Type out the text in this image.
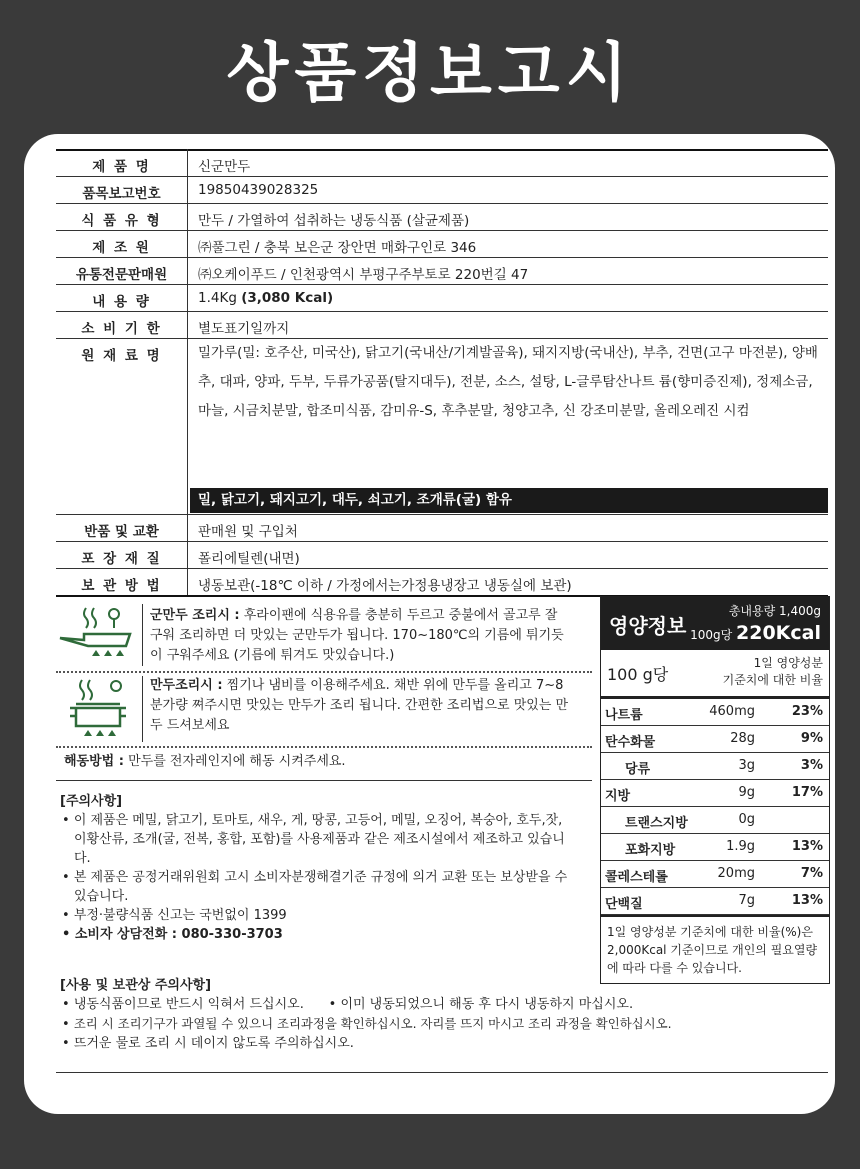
상품정보고시
제 품 명	신군만두
품목보고번호	19850439028325
식 품 유 형	만두 / 가열하여 섭취하는 냉동식품 (살균제품)
제 조 원	㈜풀그린 / 충북 보은군 장안면 매화구인로 346
유통전문판매원	㈜오케이푸드 / 인천광역시 부평구주부토로 220번길 47
내 용 량	1.4Kg (3,080 Kcal)
소 비 기 한	별도표기일까지
원 재 료 명	밀가루(밀: 호주산, 미국산), 닭고기(국내산/기계발골육), 돼지지방(국내산), 부추, 건면(고구 마전분), 양배추, 대파, 양파, 두부, 두류가공품(탈지대두), 전분, 소스, 설탕, L-글루탐산나트 륨(향미증진제), 정제소금, 마늘, 시금치분말, 합조미식품, 감미유-S, 후추분말, 청양고추, 신 강조미분말, 올레오레진 시컴
밀, 닭고기, 돼지고기, 대두, 쇠고기, 조개류(굴) 함유
반품 및 교환	판매원 및 구입처
포 장 재 질	폴리에틸렌(내면)
보 관 방 법	냉동보관(-18℃ 이하 / 가정에서는가정용냉장고 냉동실에 보관)
군만두 조리시 : 후라이팬에 식용유를 충분히 두르고 중불에서 골고루 잘 구워 조리하면 더 맛있는 군만두가 됩니다. 170~180℃의 기름에 튀기듯이 구워주세요 (기름에 튀겨도 맛있습니다.)
만두조리시 : 찜기나 냄비를 이용해주세요. 채반 위에 만두를 올리고 7~8분가량 쪄주시면 맛있는 만두가 조리 됩니다. 간편한 조리법으로 맛있는 만두 드셔보세요
해동방법 : 만두를 전자레인지에 해동 시켜주세요.
[주의사항]
• 이 제품은 메밀, 닭고기, 토마토, 새우, 게, 땅콩, 고등어, 메밀, 오징어, 복숭아, 호두,잣, 이황산류, 조개(굴, 전복, 홍합, 포함)를 사용제품과 같은 제조시설에서 제조하고 있습니다.
• 본 제품은 공정거래위원회 고시 소비자분쟁해결기준 규정에 의거 교환 또는 보상받을 수 있습니다.
• 부정·불량식품 신고는 국번없이 1399
• 소비자 상담전화 : 080-330-3703
[사용 및 보관상 주의사항]
• 냉동식품이므로 반드시 익혀서 드십시오.      • 이미 냉동되었으니 해동 후 다시 냉동하지 마십시오.
• 조리 시 조리기구가 과열될 수 있으니 조리과정을 확인하십시오. 자리를 뜨지 마시고 조리 과정을 확인하십시오.
• 뜨거운 물로 조리 시 데이지 않도록 주의하십시오.
영양정보
총내용량 1,400g
100g당 220Kcal
100 g당
1일 영양성분
기준치에 대한 비율
나트륨	460mg	23%
탄수화물	28g	9%
당류	3g	3%
지방	9g	17%
트랜스지방	0g
포화지방	1.9g	13%
콜레스테롤	20mg	7%
단백질	7g	13%
1일 영양성분 기준치에 대한 비율(%)은 2,000Kcal 기준이므로 개인의 필요열량에 따라 다를 수 있습니다.
